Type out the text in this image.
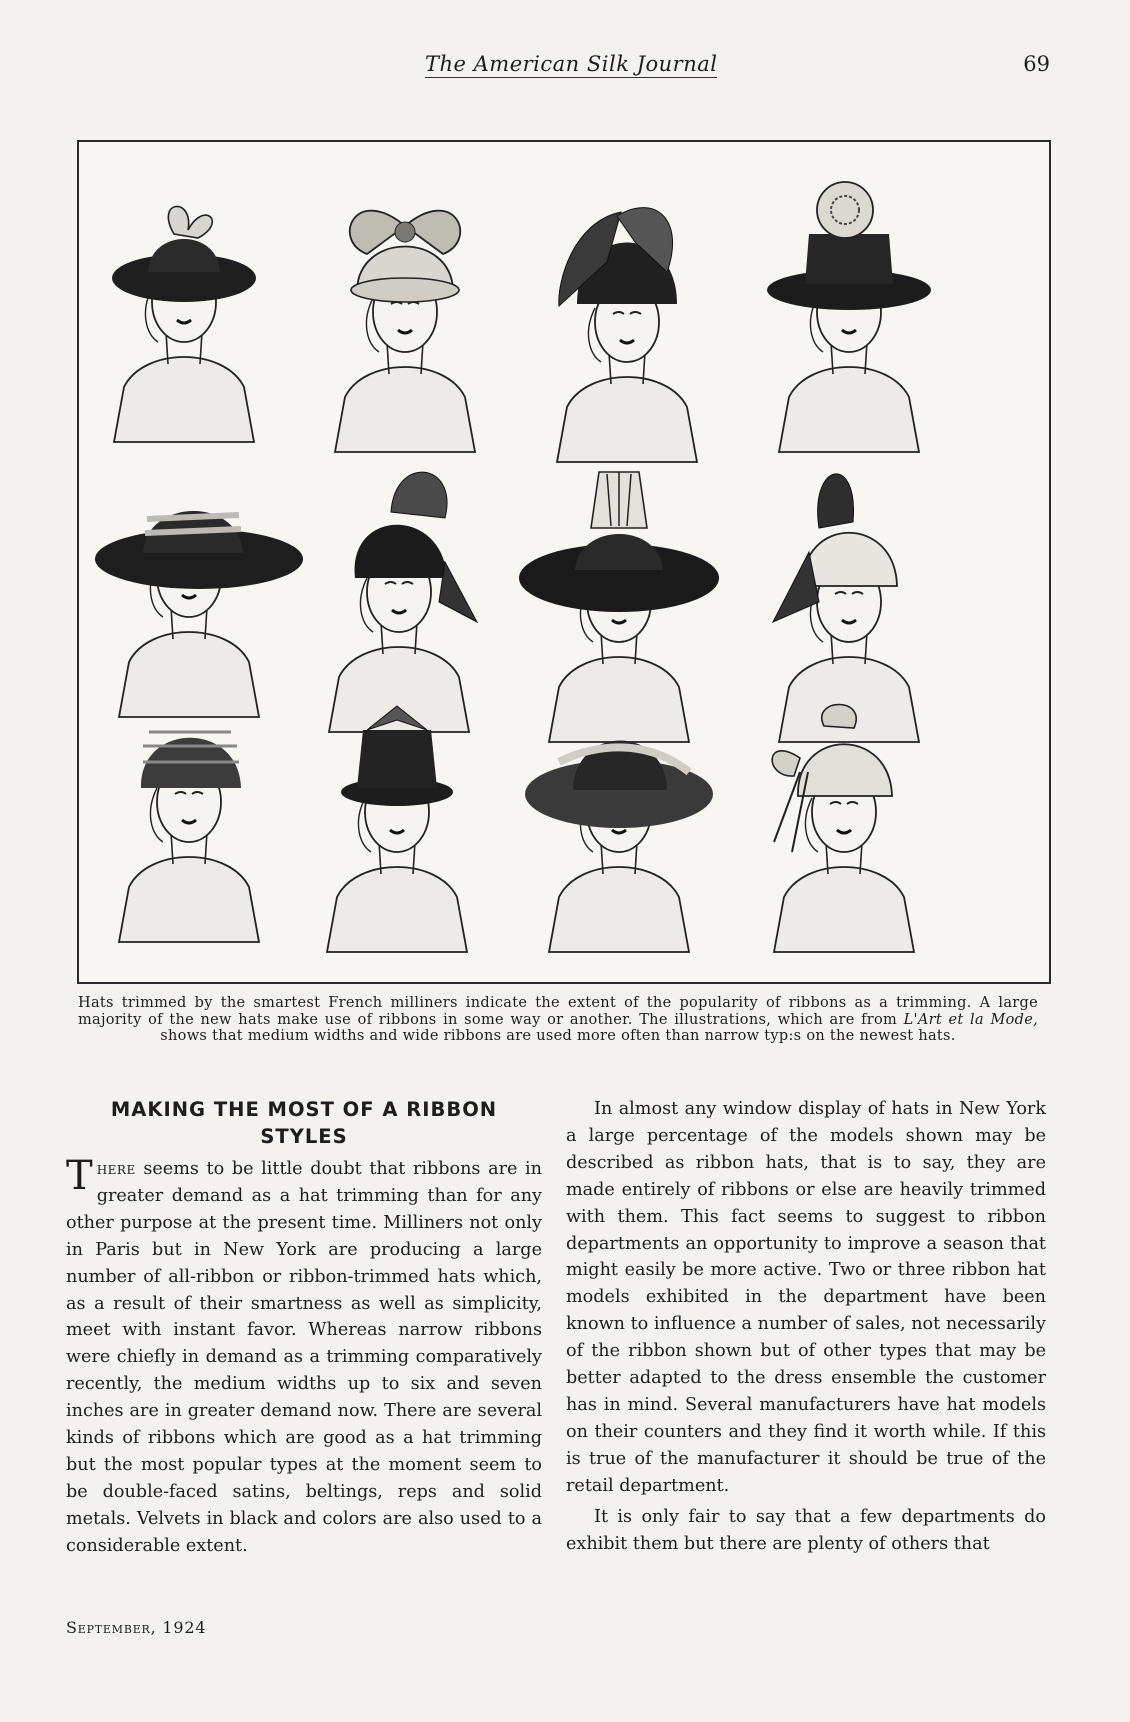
The American Silk Journal	69
Hats trimmed by the smartest French milliners indicate the extent of the popularity of ribbons as a trimming. A large majority of the new hats make use of ribbons in some way or another. The illustrations, which are from L'Art et la Mode, shows that medium widths and wide ribbons are used more often than narrow typ:s on the newest hats.
MAKING THE MOST OF A RIBBON
STYLES

There seems to be little doubt that ribbons are in greater demand as a hat trimming than for any other purpose at the present time. Milliners not only in Paris but in New York are producing a large number of all-ribbon or ribbon-trimmed hats which, as a result of their smartness as well as simplicity, meet with instant favor. Whereas narrow ribbons were chiefly in demand as a trimming comparatively recently, the medium widths up to six and seven inches are in greater demand now. There are several kinds of ribbons which are good as a hat trimming but the most popular types at the moment seem to be double-faced satins, beltings, reps and solid metals. Velvets in black and colors are also used to a considerable extent.

In almost any window display of hats in New York a large percentage of the models shown may be described as ribbon hats, that is to say, they are made entirely of ribbons or else are heavily trimmed with them. This fact seems to suggest to ribbon departments an opportunity to improve a season that might easily be more active. Two or three ribbon hat models exhibited in the department have been known to influence a number of sales, not necessarily of the ribbon shown but of other types that may be better adapted to the dress ensemble the customer has in mind. Several manufacturers have hat models on their counters and they find it worth while. If this is true of the manufacturer it should be true of the retail department.

It is only fair to say that a few departments do exhibit them but there are plenty of others that

September, 1924
